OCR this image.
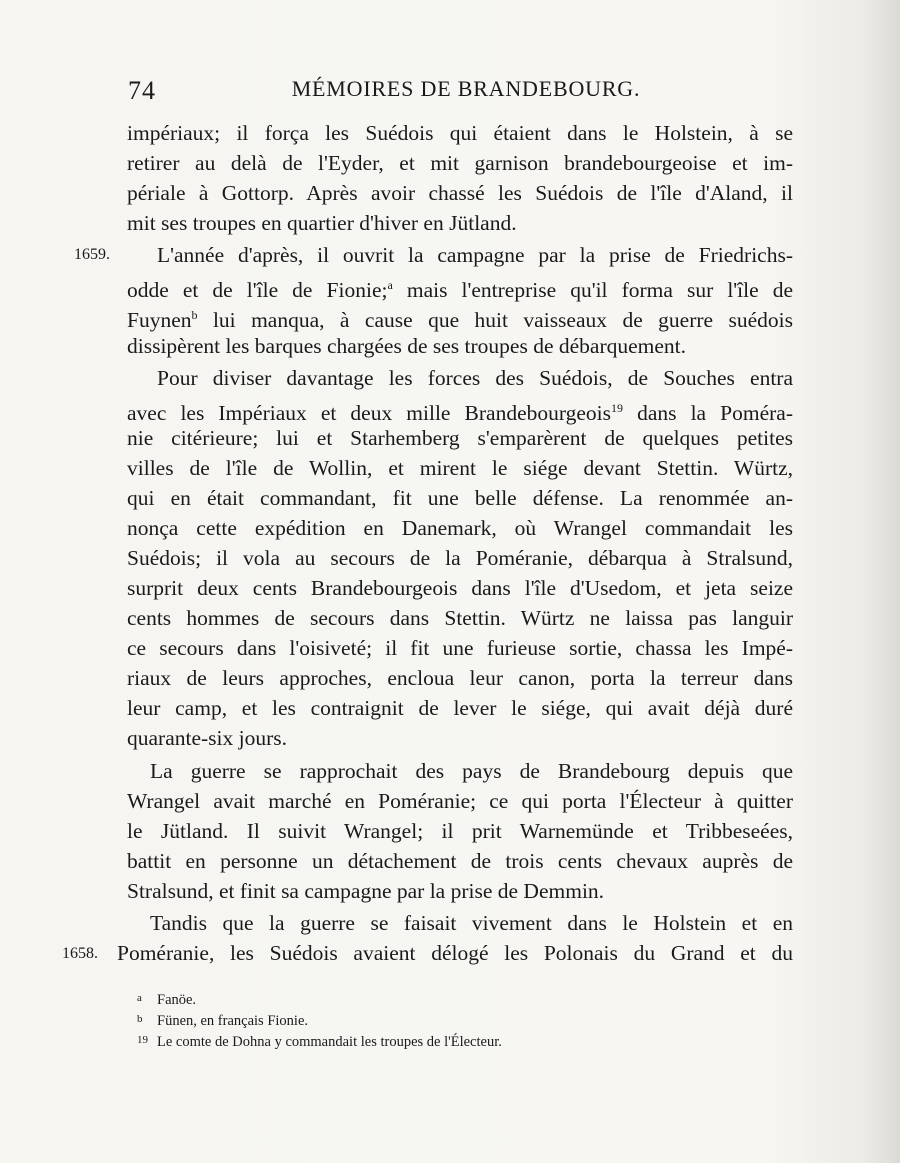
74	MÉMOIRES DE BRANDEBOURG.
impériaux; il força les Suédois qui étaient dans le Holstein, à se
retirer au delà de l'Eyder, et mit garnison brandebourgeoise et im-
périale à Gottorp. Après avoir chassé les Suédois de l'île d'Aland, il
mit ses troupes en quartier d'hiver en Jütland.
1659. L'année d'après, il ouvrit la campagne par la prise de Friedrichs-
odde et de l'île de Fionie;$^a$ mais l'entreprise qu'il forma sur l'île de
Fuynen$^b$ lui manqua, à cause que huit vaisseaux de guerre suédois
dissipèrent les barques chargées de ses troupes de débarquement.
Pour diviser davantage les forces des Suédois, de Souches entra
avec les Impériaux et deux mille Brandebourgeois$^{19}$ dans la Poméra-
nie citérieure; lui et Starhemberg s'emparèrent de quelques petites
villes de l'île de Wollin, et mirent le siége devant Stettin. Würtz,
qui en était commandant, fit une belle défense. La renommée an-
nonça cette expédition en Danemark, où Wrangel commandait les
Suédois; il vola au secours de la Poméranie, débarqua à Stralsund,
surprit deux cents Brandebourgeois dans l'île d'Usedom, et jeta seize
cents hommes de secours dans Stettin. Würtz ne laissa pas languir
ce secours dans l'oisiveté; il fit une furieuse sortie, chassa les Impé-
riaux de leurs approches, encloua leur canon, porta la terreur dans
leur camp, et les contraignit de lever le siége, qui avait déjà duré
quarante-six jours.
La guerre se rapprochait des pays de Brandebourg depuis que
Wrangel avait marché en Poméranie; ce qui porta l'Électeur à quitter
le Jütland. Il suivit Wrangel; il prit Warnemünde et Tribbeseées,
battit en personne un détachement de trois cents chevaux auprès de
Stralsund, et finit sa campagne par la prise de Demmin.
Tandis que la guerre se faisait vivement dans le Holstein et en
1658. Poméranie, les Suédois avaient délogé les Polonais du Grand et du
a Fanöe.
b Fünen, en français Fionie.
19 Le comte de Dohna y commandait les troupes de l'Électeur.
